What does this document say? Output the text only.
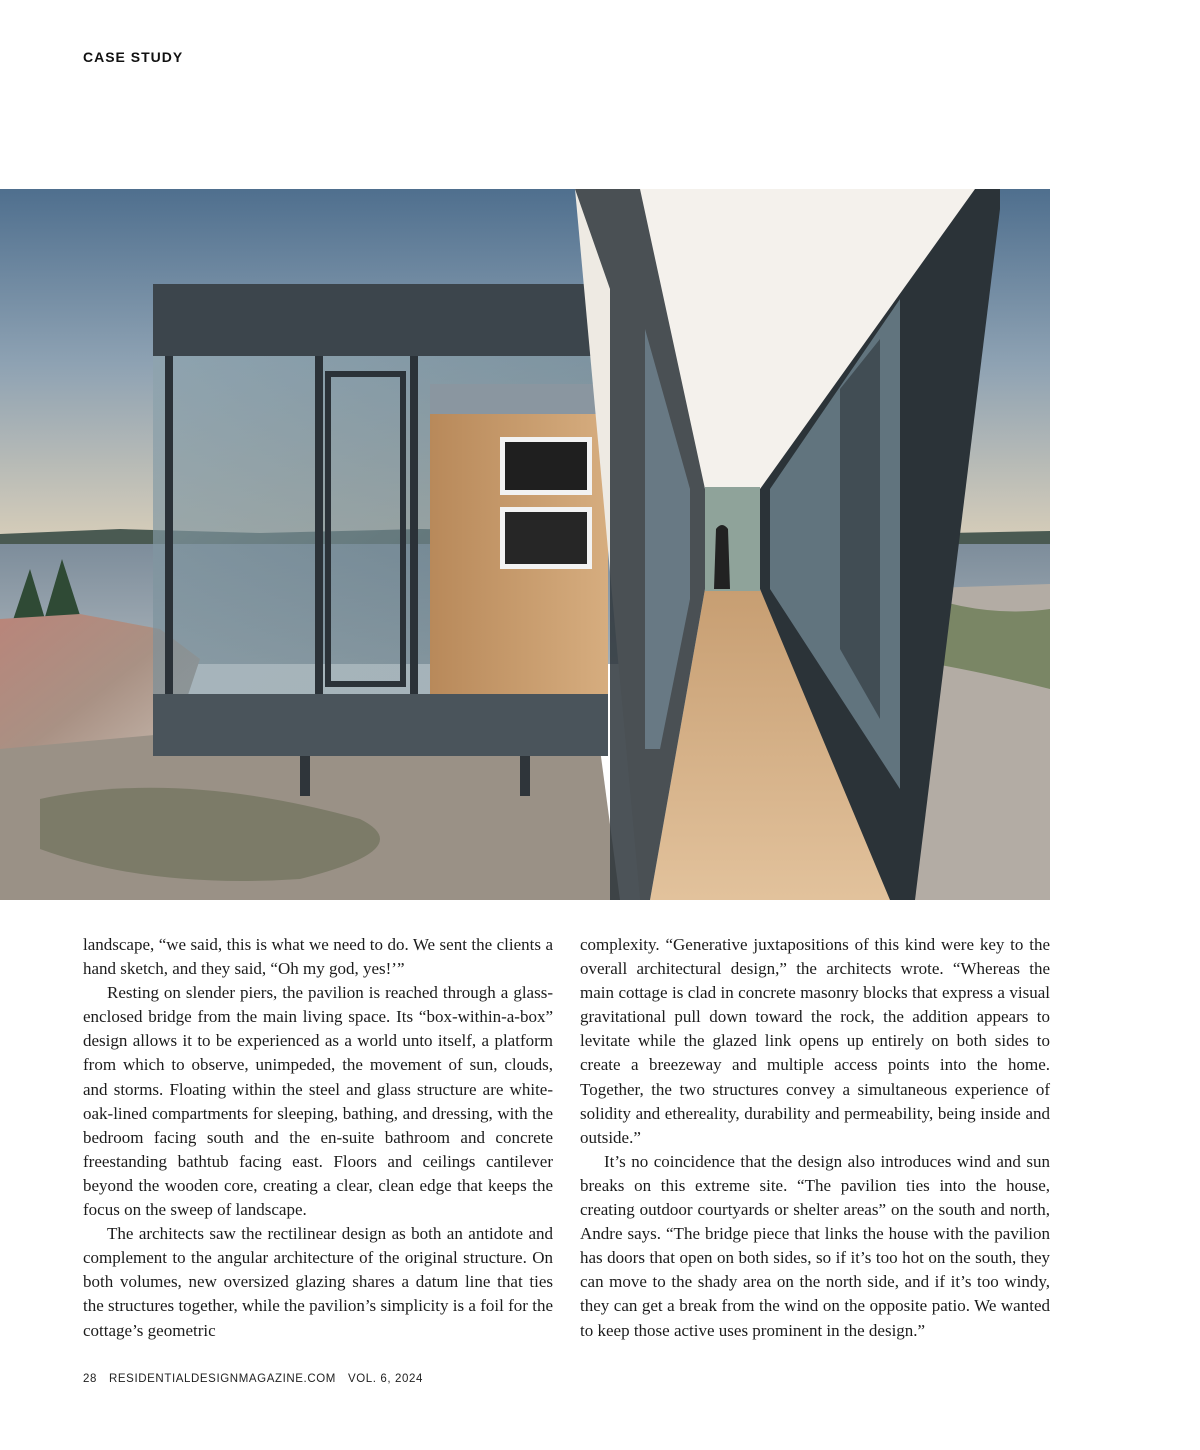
CASE STUDY

landscape, “we said, this is what we need to do. We sent the clients a hand sketch, and they said, “Oh my god, yes!’”

Resting on slender piers, the pavilion is reached through a glass-enclosed bridge from the main living space. Its “box-within-a-box” design allows it to be experienced as a world unto itself, a platform from which to observe, unimpeded, the movement of sun, clouds, and storms. Floating within the steel and glass structure are white-oak-lined compartments for sleeping, bathing, and dressing, with the bedroom facing south and the en-suite bathroom and concrete freestanding bathtub facing east. Floors and ceilings cantilever beyond the wooden core, creating a clear, clean edge that keeps the focus on the sweep of landscape.

The architects saw the rectilinear design as both an antidote and complement to the angular architecture of the original structure. On both volumes, new oversized glazing shares a datum line that ties the structures together, while the pavilion’s simplicity is a foil for the cottage’s geometric

complexity. “Generative juxtapositions of this kind were key to the overall architectural design,” the architects wrote. “Whereas the main cottage is clad in concrete masonry blocks that express a visual gravitational pull down toward the rock, the addition appears to levitate while the glazed link opens up entirely on both sides to create a breezeway and multiple access points into the home. Together, the two structures convey a simultaneous experience of solidity and ethereality, durability and permeability, being inside and outside.”

It’s no coincidence that the design also introduces wind and sun breaks on this extreme site. “The pavilion ties into the house, creating outdoor courtyards or shelter areas” on the south and north, Andre says. “The bridge piece that links the house with the pavilion has doors that open on both sides, so if it’s too hot on the south, they can move to the shady area on the north side, and if it’s too windy, they can get a break from the wind on the opposite patio. We wanted to keep those active uses prominent in the design.”

28 RESIDENTIALDESIGNMAGAZINE.COM VOL. 6, 2024
